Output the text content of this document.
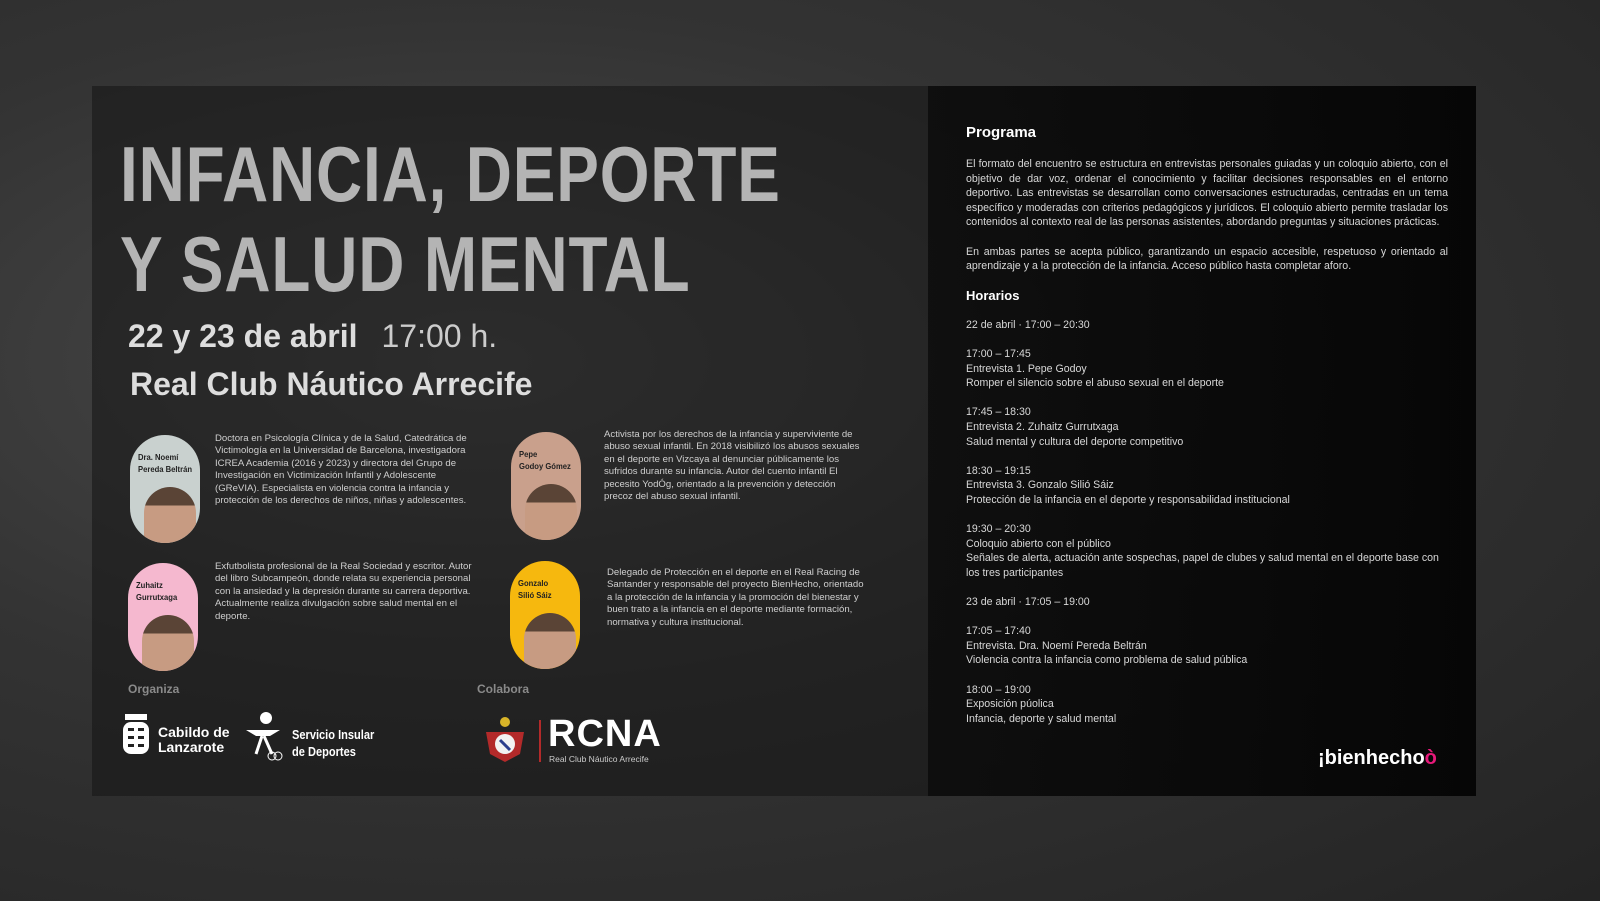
INFANCIA, DEPORTE
Y SALUD MENTAL
22 y 23 de abril 17:00 h.
Real Club Náutico Arrecife
Dra. Noemí
Pereda Beltrán
Doctora en Psicología Clínica y de la Salud, Catedrática de Victimología en la Universidad de Barcelona, investigadora ICREA Academia (2016 y 2023) y directora del Grupo de Investigación en Victimización Infantil y Adolescente (GReVIA). Especialista en violencia contra la infancia y protección de los derechos de niños, niñas y adolescentes.
Zuhaitz
Gurrutxaga
Exfutbolista profesional de la Real Sociedad y escritor. Autor del libro Subcampeón, donde relata su experiencia personal con la ansiedad y la depresión durante su carrera deportiva. Actualmente realiza divulgación sobre salud mental en el deporte.
Pepe
Godoy Gómez
Activista por los derechos de la infancia y superviviente de abuso sexual infantil. En 2018 visibilizó los abusos sexuales en el deporte en Vizcaya al denunciar públicamente los sufridos durante su infancia. Autor del cuento infantil El pecesito YodÓg, orientado a la prevención y detección precoz del abuso sexual infantil.
Gonzalo
Silió Sáiz
Delegado de Protección en el deporte en el Real Racing de Santander y responsable del proyecto BienHecho, orientado a la protección de la infancia y la promoción del bienestar y buen trato a la infancia en el deporte mediante formación, normativa y cultura institucional.
Organiza	Colabora
Cabildo de
Lanzarote
Servicio Insular
de Deportes	RCNA
Real Club Náutico Arrecife
Programa
El formato del encuentro se estructura en entrevistas personales guiadas y un coloquio abierto, con el objetivo de dar voz, ordenar el conocimiento y facilitar decisiones responsables en el entorno deportivo. Las entrevistas se desarrollan como conversaciones estructuradas, centradas en un tema específico y moderadas con criterios pedagógicos y jurídicos. El coloquio abierto permite trasladar los contenidos al contexto real de las personas asistentes, abordando preguntas y situaciones prácticas.
En ambas partes se acepta público, garantizando un espacio accesible, respetuoso y orientado al aprendizaje y a la protección de la infancia. Acceso público hasta completar aforo.
Horarios
22 de abril · 17:00 – 20:30
17:00 – 17:45
Entrevista 1. Pepe Godoy
Romper el silencio sobre el abuso sexual en el deporte
17:45 – 18:30
Entrevista 2. Zuhaitz Gurrutxaga
Salud mental y cultura del deporte competitivo
18:30 – 19:15
Entrevista 3. Gonzalo Silió Sáiz
Protección de la infancia en el deporte y responsabilidad institucional
19:30 – 20:30
Coloquio abierto con el público
Señales de alerta, actuación ante sospechas, papel de clubes y salud mental en el deporte base con los tres participantes
23 de abril · 17:05 – 19:00
17:05 – 17:40
Entrevista. Dra. Noemí Pereda Beltrán
Violencia contra la infancia como problema de salud pública
18:00 – 19:00
Exposición púolica
Infancia, deporte y salud mental
¡bienhechoò
